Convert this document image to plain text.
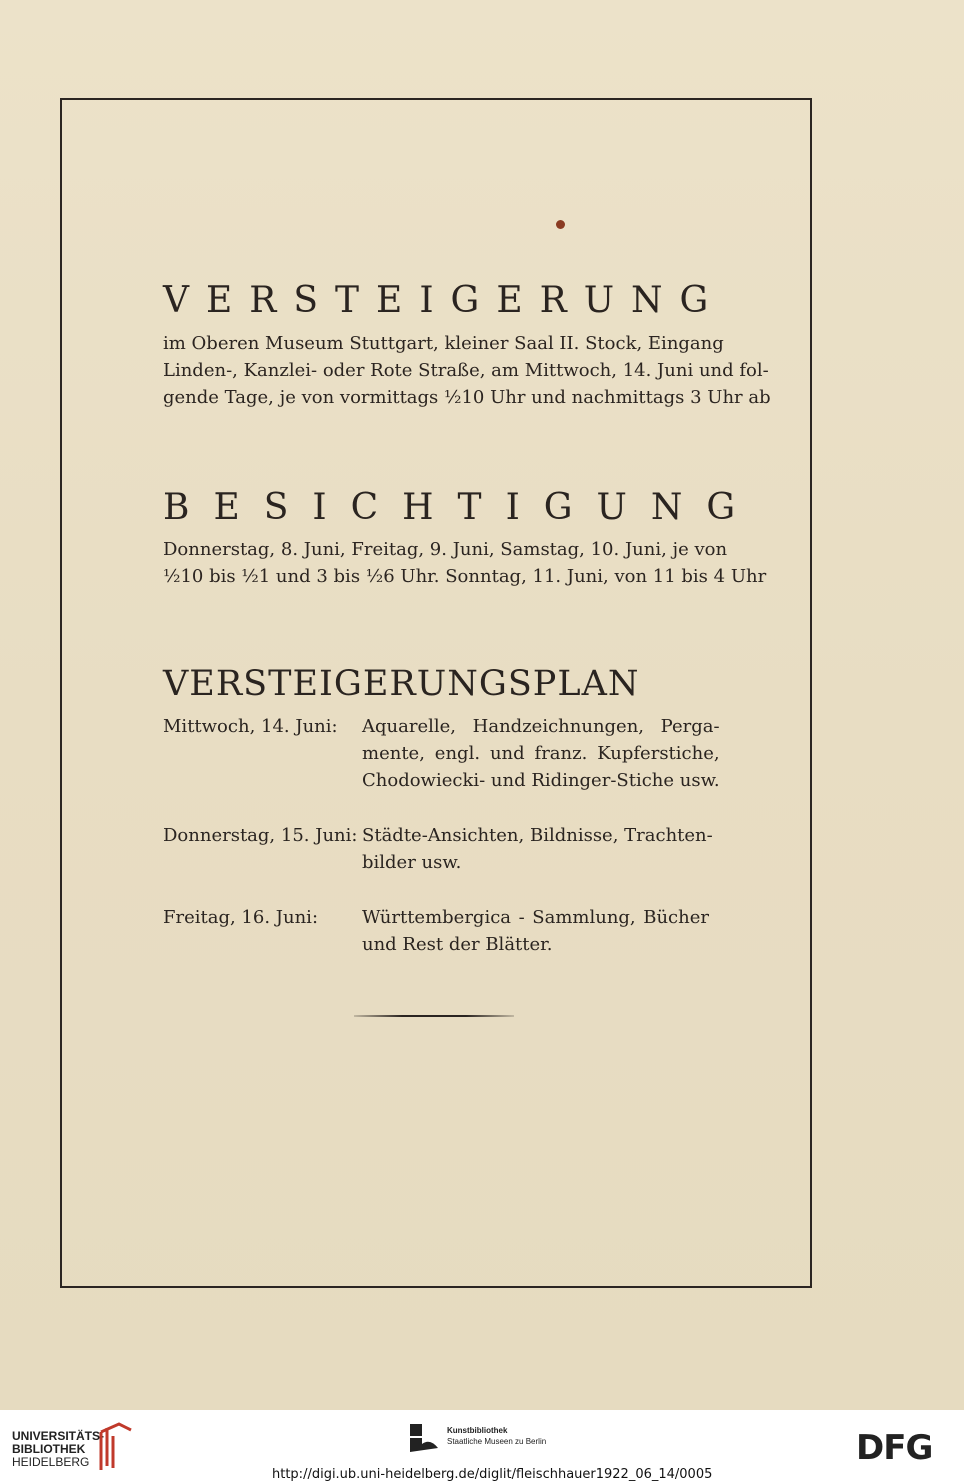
VERSTEIGERUNG
im Oberen Museum Stuttgart, kleiner Saal II. Stock, Eingang
Linden-, Kanzlei- oder Rote Straße, am Mittwoch, 14. Juni und fol-
gende Tage, je von vormittags ½10 Uhr und nachmittags 3 Uhr ab
BESICHTIGUNG
Donnerstag, 8. Juni, Freitag, 9. Juni, Samstag, 10. Juni, je von
½10 bis ½1 und 3 bis ½6 Uhr. Sonntag, 11. Juni, von 11 bis 4 Uhr
VERSTEIGERUNGSPLAN
Mittwoch, 14. Juni:	Aquarelle, Handzeichnungen, Perga-
mente, engl. und franz. Kupferstiche,
Chodowiecki- und Ridinger-Stiche usw.
Donnerstag, 15. Juni: Städte-Ansichten, Bildnisse, Trachten-
bilder usw.
Freitag, 16. Juni:	Württembergica - Sammlung, Bücher
und Rest der Blätter.
UNIVERSITÄTS-
BIBLIOTHEK
HEIDELBERG
Kunstbibliothek
Staatliche Museen zu Berlin	DFG
http://digi.ub.uni-heidelberg.de/diglit/fleischhauer1922_06_14/0005
